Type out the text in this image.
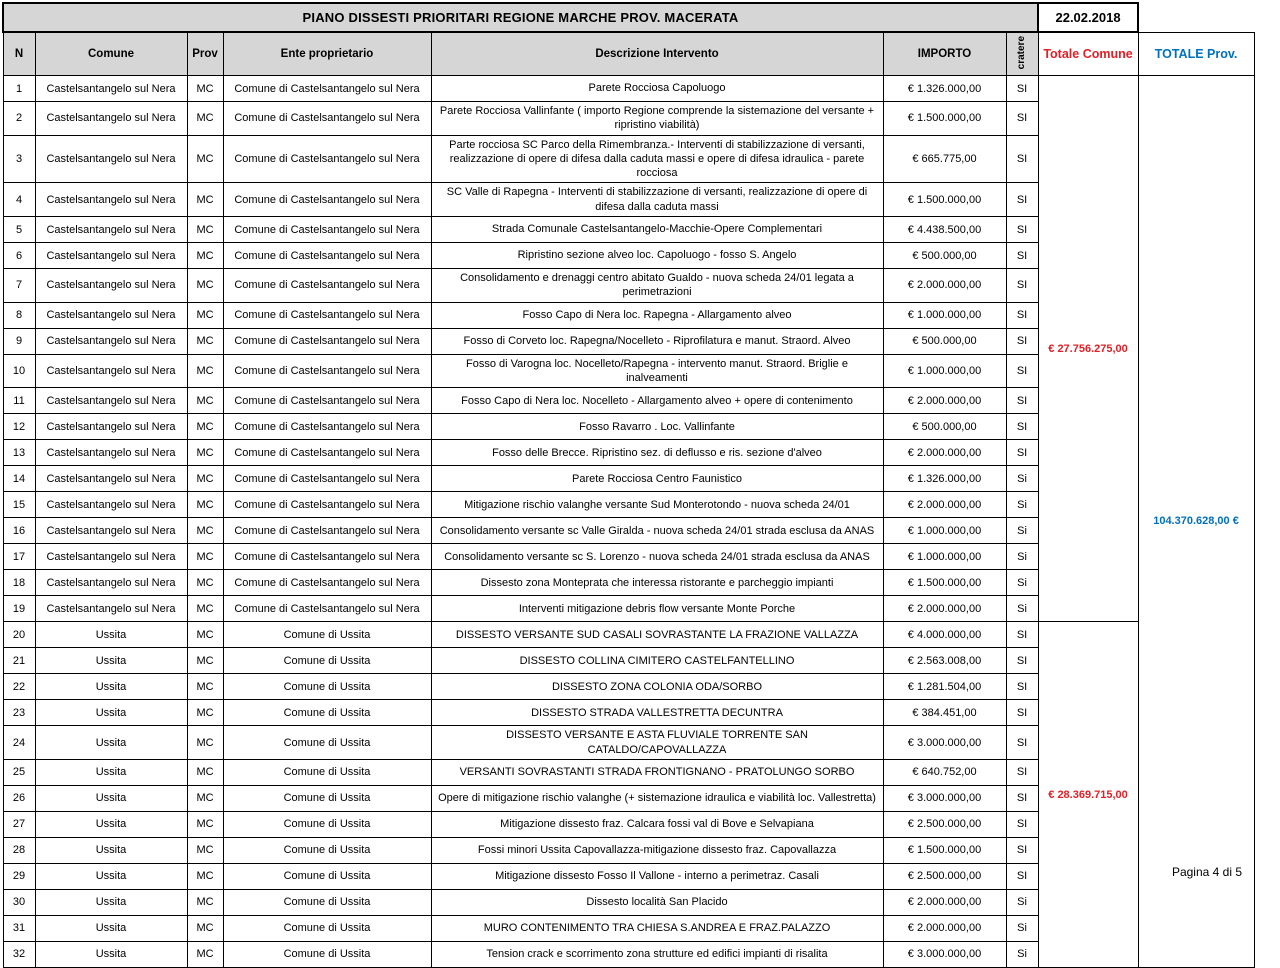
PIANO DISSESTI PRIORITARI REGIONE MARCHE PROV. MACERATA							22.02.2018	
N	Comune	Prov	Ente proprietario	Descrizione Intervento	IMPORTO	cratere	Totale Comune	TOTALE Prov.
1	Castelsantangelo sul Nera	MC	Comune di Castelsantangelo sul Nera	Parete Rocciosa Capoluogo	€ 1.326.000,00	SI	€ 27.756.275,00	104.370.628,00 €
2	Castelsantangelo sul Nera	MC	Comune di Castelsantangelo sul Nera	Parete Rocciosa Vallinfante ( importo Regione comprende la sistemazione del versante + ripristino viabilità)	€ 1.500.000,00	SI		
3	Castelsantangelo sul Nera	MC	Comune di Castelsantangelo sul Nera	Parte rocciosa SC Parco della Rimembranza.- Interventi di stabilizzazione di versanti, realizzazione di opere di difesa dalla caduta massi e opere di difesa idraulica - parete rocciosa	€ 665.775,00	SI		
4	Castelsantangelo sul Nera	MC	Comune di Castelsantangelo sul Nera	SC Valle di Rapegna - Interventi di stabilizzazione di versanti, realizzazione di opere di difesa dalla caduta massi	€ 1.500.000,00	SI		
5	Castelsantangelo sul Nera	MC	Comune di Castelsantangelo sul Nera	Strada Comunale Castelsantangelo-Macchie-Opere Complementari	€ 4.438.500,00	SI		
6	Castelsantangelo sul Nera	MC	Comune di Castelsantangelo sul Nera	Ripristino sezione alveo loc. Capoluogo - fosso S. Angelo	€ 500.000,00	SI		
7	Castelsantangelo sul Nera	MC	Comune di Castelsantangelo sul Nera	Consolidamento e drenaggi centro abitato Gualdo - nuova scheda 24/01 legata a perimetrazioni	€ 2.000.000,00	SI		
8	Castelsantangelo sul Nera	MC	Comune di Castelsantangelo sul Nera	Fosso Capo di Nera loc. Rapegna - Allargamento alveo	€ 1.000.000,00	SI		
9	Castelsantangelo sul Nera	MC	Comune di Castelsantangelo sul Nera	Fosso di Corveto loc. Rapegna/Nocelleto - Riprofilatura e manut. Straord. Alveo	€ 500.000,00	SI		
10	Castelsantangelo sul Nera	MC	Comune di Castelsantangelo sul Nera	Fosso di Varogna loc. Nocelleto/Rapegna - intervento manut. Straord. Briglie e inalveamenti	€ 1.000.000,00	SI		
11	Castelsantangelo sul Nera	MC	Comune di Castelsantangelo sul Nera	Fosso Capo di Nera loc. Nocelleto - Allargamento alveo + opere di contenimento	€ 2.000.000,00	SI		
12	Castelsantangelo sul Nera	MC	Comune di Castelsantangelo sul Nera	Fosso Ravarro . Loc. Vallinfante	€ 500.000,00	SI		
13	Castelsantangelo sul Nera	MC	Comune di Castelsantangelo sul Nera	Fosso delle Brecce. Ripristino sez. di deflusso e ris. sezione d'alveo	€ 2.000.000,00	SI		
14	Castelsantangelo sul Nera	MC	Comune di Castelsantangelo sul Nera	Parete Rocciosa Centro Faunistico	€ 1.326.000,00	Si		
15	Castelsantangelo sul Nera	MC	Comune di Castelsantangelo sul Nera	Mitigazione rischio valanghe versante Sud Monterotondo - nuova scheda 24/01	€ 2.000.000,00	Si		
16	Castelsantangelo sul Nera	MC	Comune di Castelsantangelo sul Nera	Consolidamento versante sc Valle Giralda - nuova scheda 24/01 strada esclusa da ANAS	€ 1.000.000,00	Si		
17	Castelsantangelo sul Nera	MC	Comune di Castelsantangelo sul Nera	Consolidamento versante sc S. Lorenzo - nuova scheda 24/01 strada esclusa da ANAS	€ 1.000.000,00	Si		
18	Castelsantangelo sul Nera	MC	Comune di Castelsantangelo sul Nera	Dissesto zona Monteprata che interessa ristorante e parcheggio impianti	€ 1.500.000,00	Si		
19	Castelsantangelo sul Nera	MC	Comune di Castelsantangelo sul Nera	Interventi mitigazione debris flow versante Monte Porche	€ 2.000.000,00	Si		
20	Ussita	MC	Comune di Ussita	DISSESTO VERSANTE SUD CASALI SOVRASTANTE LA FRAZIONE VALLAZZA	€ 4.000.000,00	SI	€ 28.369.715,00	
21	Ussita	MC	Comune di Ussita	DISSESTO COLLINA CIMITERO CASTELFANTELLINO	€ 2.563.008,00	SI		
22	Ussita	MC	Comune di Ussita	DISSESTO ZONA COLONIA ODA/SORBO	€ 1.281.504,00	SI		
23	Ussita	MC	Comune di Ussita	DISSESTO STRADA VALLESTRETTA DECUNTRA	€ 384.451,00	SI		
24	Ussita	MC	Comune di Ussita	DISSESTO VERSANTE E ASTA FLUVIALE TORRENTE SAN CATALDO/CAPOVALLAZZA	€ 3.000.000,00	SI		
25	Ussita	MC	Comune di Ussita	VERSANTI SOVRASTANTI STRADA FRONTIGNANO - PRATOLUNGO SORBO	€ 640.752,00	SI		
26	Ussita	MC	Comune di Ussita	Opere di mitigazione rischio valanghe (+ sistemazione idraulica e viabilità loc. Vallestretta)	€ 3.000.000,00	SI		
27	Ussita	MC	Comune di Ussita	Mitigazione dissesto fraz. Calcara fossi val di Bove e Selvapiana	€ 2.500.000,00	SI		
28	Ussita	MC	Comune di Ussita	Fossi minori Ussita Capovallazza-mitigazione dissesto fraz. Capovallazza	€ 1.500.000,00	SI		
29	Ussita	MC	Comune di Ussita	Mitigazione dissesto Fosso Il Vallone - interno a perimetraz. Casali	€ 2.500.000,00	SI		
30	Ussita	MC	Comune di Ussita	Dissesto località San Placido	€ 2.000.000,00	Si		
31	Ussita	MC	Comune di Ussita	MURO CONTENIMENTO TRA CHIESA S.ANDREA E FRAZ.PALAZZO	€ 2.000.000,00	Si		
32	Ussita	MC	Comune di Ussita	Tension crack e scorrimento zona strutture ed edifici impianti di risalita	€ 3.000.000,00	Si		
Pagina 4 di 5
